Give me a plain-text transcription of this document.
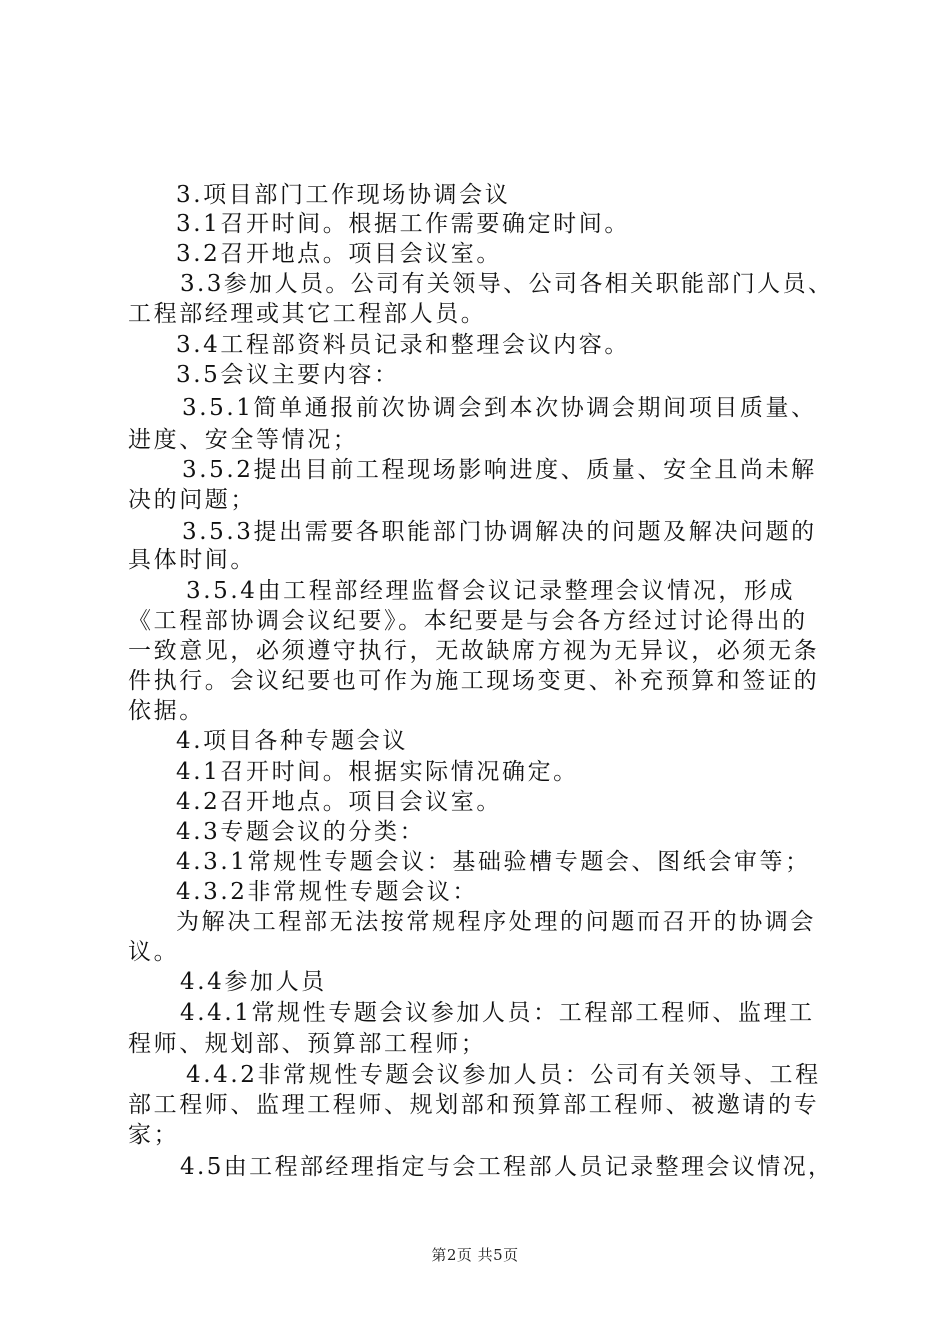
3.项目部门工作现场协调会议
3.1召开时间。根据工作需要确定时间。
3.2召开地点。项目会议室。
3.3参加人员。公司有关领导、公司各相关职能部门人员、
工程部经理或其它工程部人员。
3.4工程部资料员记录和整理会议内容。
3.5会议主要内容：
3.5.1简单通报前次协调会到本次协调会期间项目质量、
进度、安全等情况；
3.5.2提出目前工程现场影响进度、质量、安全且尚未解
决的问题；
3.5.3提出需要各职能部门协调解决的问题及解决问题的
具体时间。
3.5.4由工程部经理监督会议记录整理会议情况，形成
《工程部协调会议纪要》。本纪要是与会各方经过讨论得出的
一致意见，必须遵守执行，无故缺席方视为无异议，必须无条
件执行。会议纪要也可作为施工现场变更、补充预算和签证的
依据。
4.项目各种专题会议
4.1召开时间。根据实际情况确定。
4.2召开地点。项目会议室。
4.3专题会议的分类：
4.3.1常规性专题会议：基础验槽专题会、图纸会审等；
4.3.2非常规性专题会议：
为解决工程部无法按常规程序处理的问题而召开的协调会
议。
4.4参加人员
4.4.1常规性专题会议参加人员：工程部工程师、监理工
程师、规划部、预算部工程师；
4.4.2非常规性专题会议参加人员：公司有关领导、工程
部工程师、监理工程师、规划部和预算部工程师、被邀请的专
家；
4.5由工程部经理指定与会工程部人员记录整理会议情况，
第2页 共5页
